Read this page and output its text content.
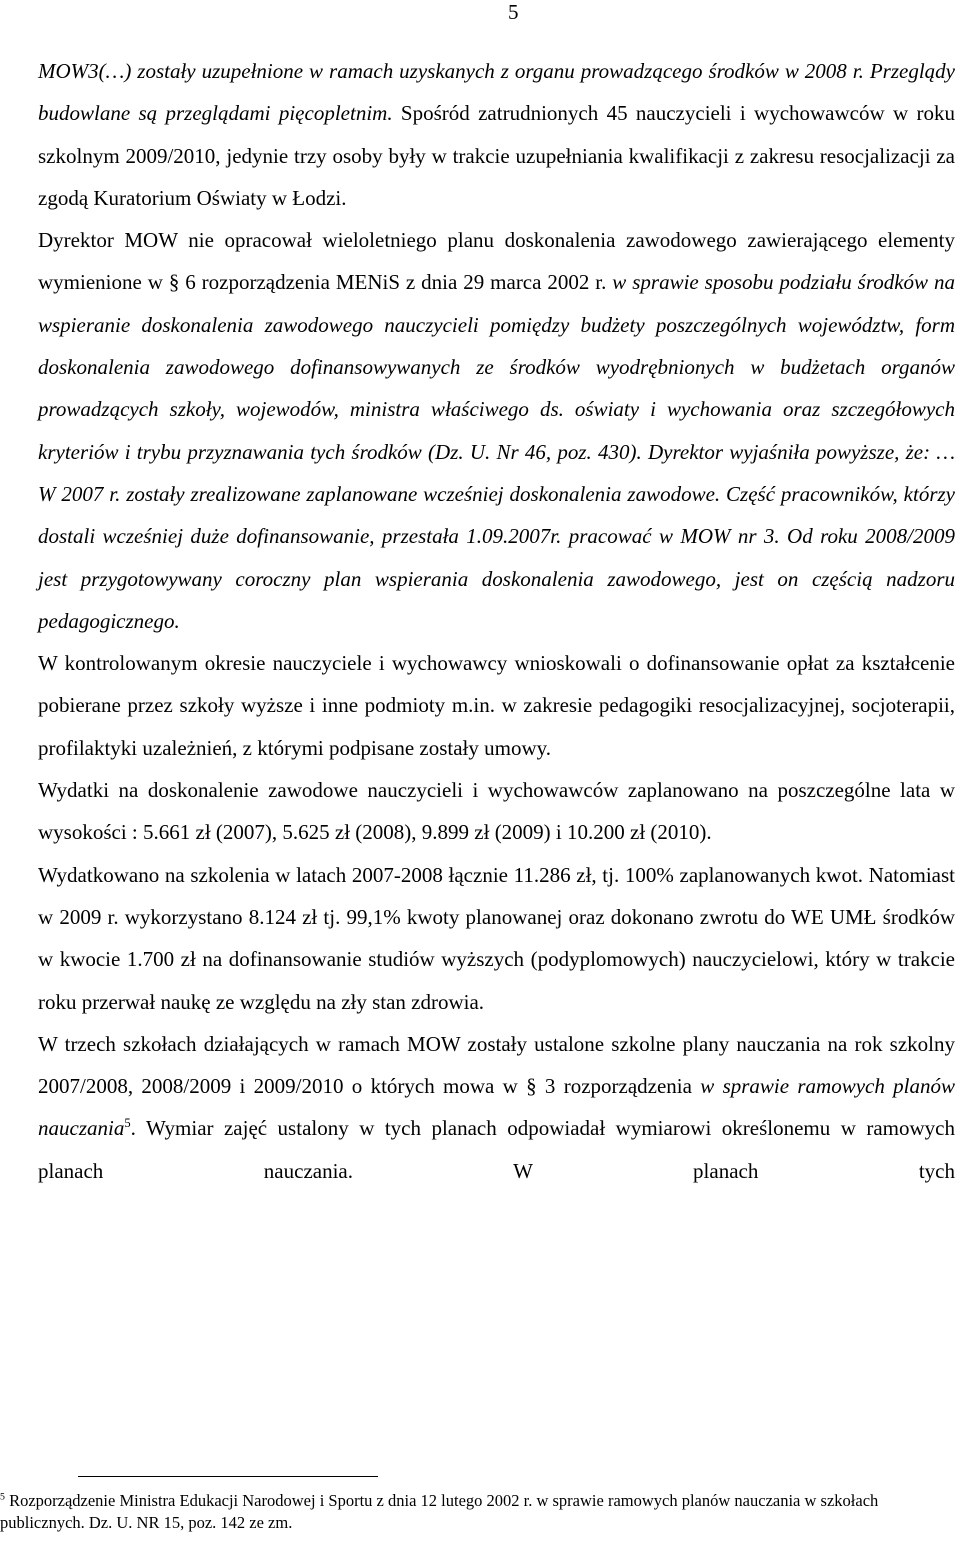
5

MOW3(…) zostały uzupełnione w ramach uzyskanych z organu prowadzącego środków w 2008 r. Przeglądy budowlane są przeglądami pięcopletnim. Spośród zatrudnionych 45 nauczycieli i wychowawców w roku szkolnym 2009/2010, jedynie trzy osoby były w trakcie uzupełniania kwalifikacji z zakresu resocjalizacji za zgodą Kuratorium Oświaty w Łodzi.

Dyrektor MOW nie opracował wieloletniego planu doskonalenia zawodowego zawierającego elementy wymienione w § 6 rozporządzenia MENiS z dnia 29 marca 2002 r. w sprawie sposobu podziału środków na wspieranie doskonalenia zawodowego nauczycieli pomiędzy budżety poszczególnych województw, form doskonalenia zawodowego dofinansowywanych ze środków wyodrębnionych w budżetach organów prowadzących szkoły, wojewodów, ministra właściwego ds. oświaty i wychowania oraz szczegółowych kryteriów i trybu przyznawania tych środków (Dz. U. Nr 46, poz. 430). Dyrektor wyjaśniła powyższe, że: … W 2007 r. zostały zrealizowane zaplanowane wcześniej doskonalenia zawodowe. Część pracowników, którzy dostali wcześniej duże dofinansowanie, przestała 1.09.2007r. pracować w MOW nr 3. Od roku 2008/2009 jest przygotowywany coroczny plan wspierania doskonalenia zawodowego, jest on częścią nadzoru pedagogicznego.

W kontrolowanym okresie nauczyciele i wychowawcy wnioskowali o dofinansowanie opłat za kształcenie pobierane przez szkoły wyższe i inne podmioty m.in. w zakresie pedagogiki resocjalizacyjnej, socjoterapii, profilaktyki uzależnień, z którymi podpisane zostały umowy.

Wydatki na doskonalenie zawodowe nauczycieli i wychowawców zaplanowano na poszczególne lata w wysokości : 5.661 zł (2007), 5.625 zł (2008), 9.899 zł (2009) i 10.200 zł (2010).

Wydatkowano na szkolenia w latach 2007-2008 łącznie 11.286 zł, tj. 100% zaplanowanych kwot. Natomiast w 2009 r. wykorzystano 8.124 zł tj. 99,1% kwoty planowanej oraz dokonano zwrotu do WE UMŁ środków w kwocie 1.700 zł na dofinansowanie studiów wyższych (podyplomowych) nauczycielowi, który w trakcie roku przerwał naukę ze względu na zły stan zdrowia.

W trzech szkołach działających w ramach MOW zostały ustalone szkolne plany nauczania na rok szkolny 2007/2008, 2008/2009 i 2009/2010 o których mowa w § 3 rozporządzenia w sprawie ramowych planów nauczania$^5$. Wymiar zajęć ustalony w tych planach odpowiadał wymiarowi określonemu w ramowych planach nauczania. W planach tych

$^5$ Rozporządzenie Ministra Edukacji Narodowej i Sportu z dnia 12 lutego 2002 r. w sprawie ramowych planów nauczania w szkołach publicznych. Dz. U. NR 15, poz. 142 ze zm.
